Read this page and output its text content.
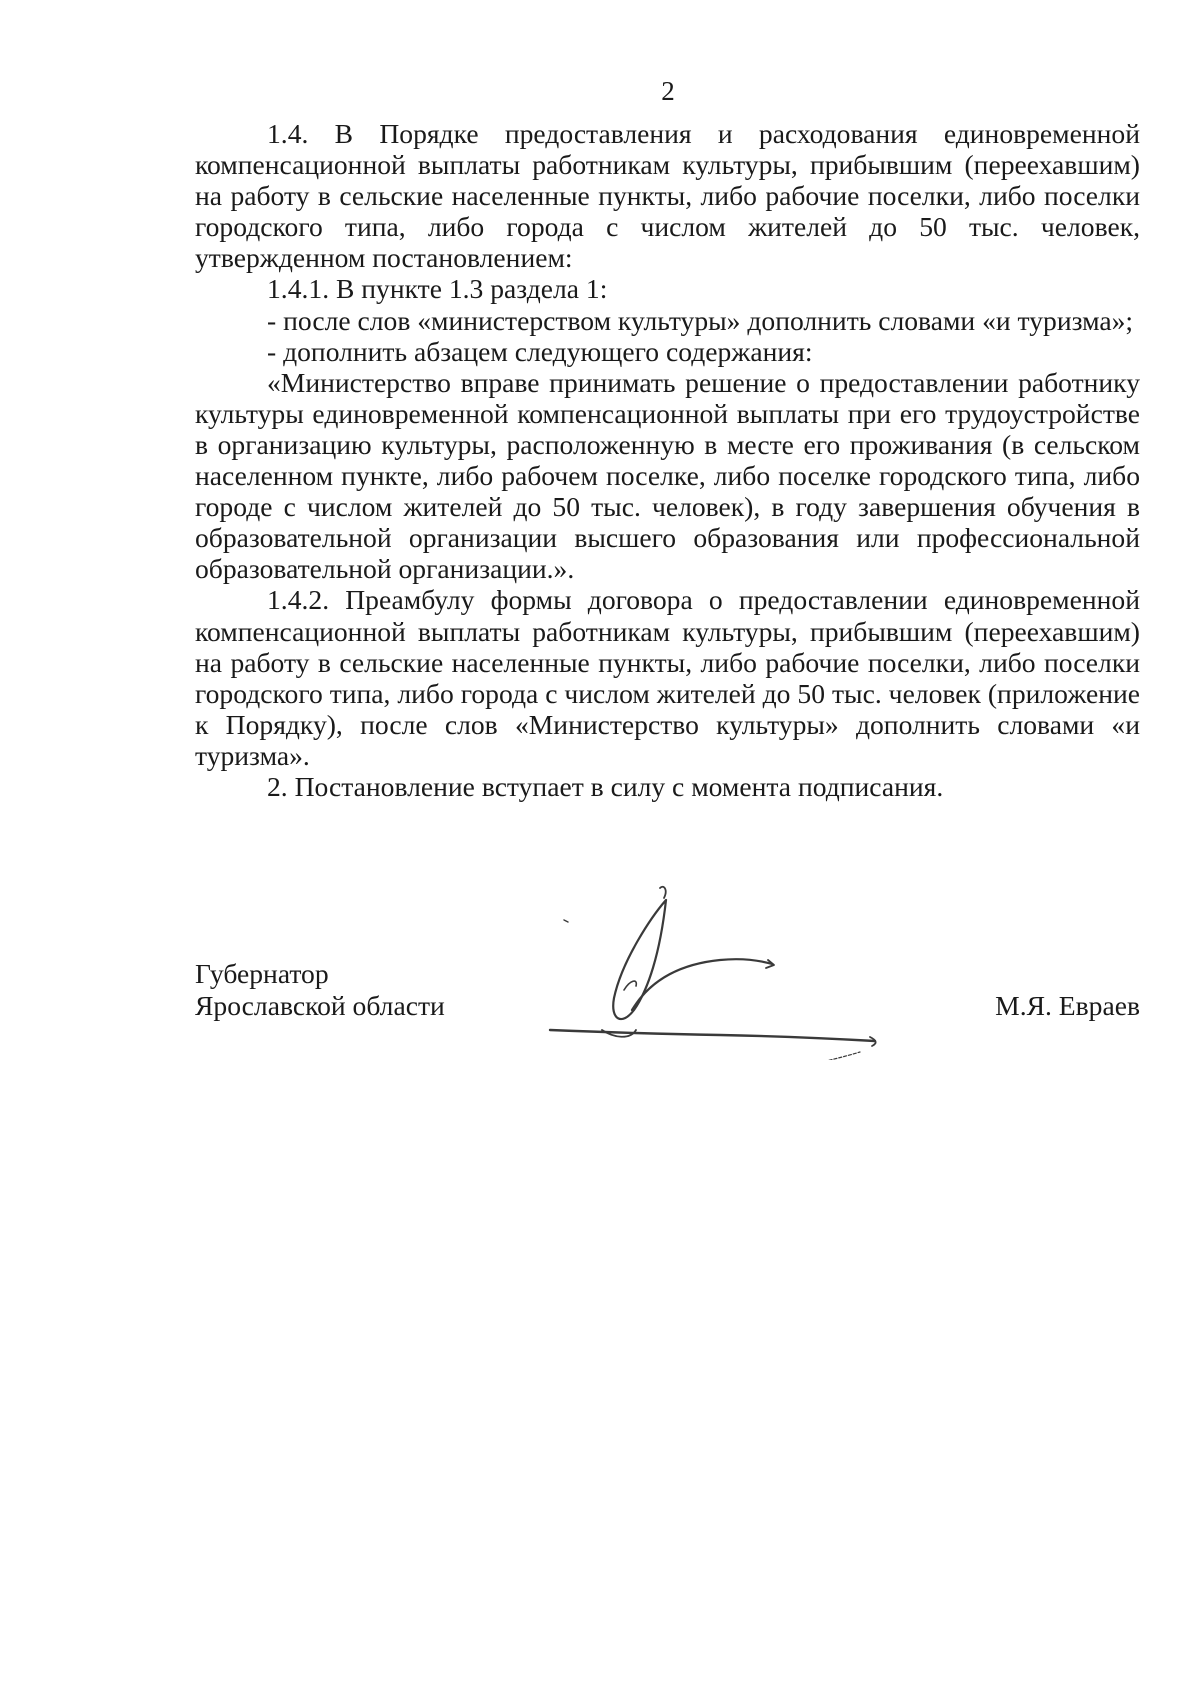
2

1.4. В Порядке предоставления и расходования единовременной компенсационной выплаты работникам культуры, прибывшим (переехавшим) на работу в сельские населенные пункты, либо рабочие поселки, либо поселки городского типа, либо города с числом жителей до 50 тыс. человек, утвержденном постановлением:

1.4.1. В пункте 1.3 раздела 1:

- после слов «министерством культуры» дополнить словами «и туризма»;

- дополнить абзацем следующего содержания:

«Министерство вправе принимать решение о предоставлении работнику культуры единовременной компенсационной выплаты при его трудоустройстве в организацию культуры, расположенную в месте его проживания (в сельском населенном пункте, либо рабочем поселке, либо поселке городского типа, либо городе с числом жителей до 50 тыс. человек), в году завершения обучения в образовательной организации высшего образования или профессиональной образовательной организации.».

1.4.2. Преамбулу формы договора о предоставлении единовременной компенсационной выплаты работникам культуры, прибывшим (переехавшим) на работу в сельские населенные пункты, либо рабочие поселки, либо поселки городского типа, либо города с числом жителей до 50 тыс. человек (приложение к Порядку), после слов «Министерство культуры» дополнить словами «и туризма».

2. Постановление вступает в силу с момента подписания.

Губернатор
Ярославской области	М.Я. Евраев
